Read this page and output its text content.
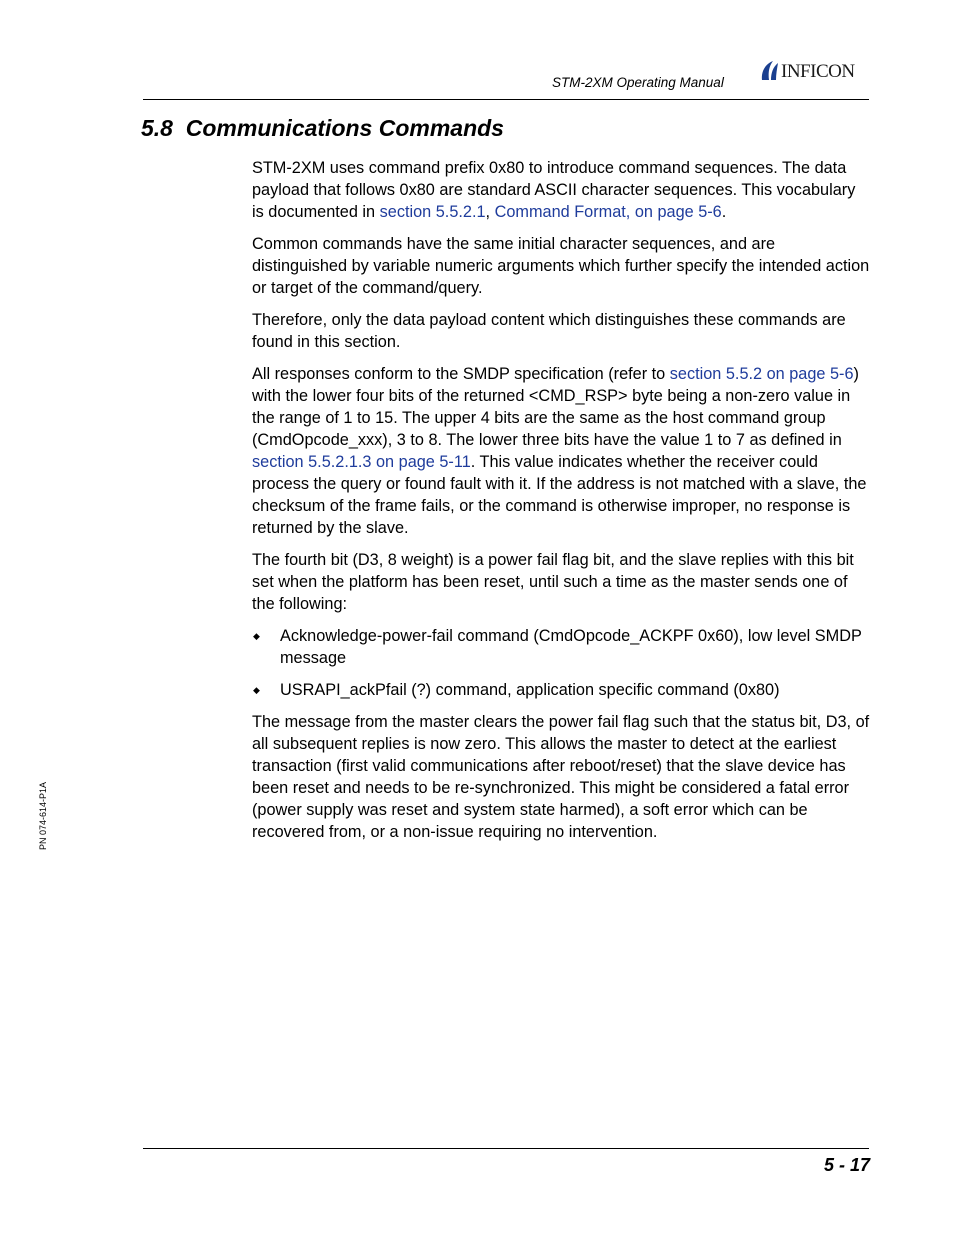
STM-2XM Operating Manual
INFICON
5.8 Communications Commands

STM-2XM uses command prefix 0x80 to introduce command sequences. The data payload that follows 0x80 are standard ASCII character sequences. This vocabulary is documented in section 5.5.2.1, Command Format, on page 5-6.

Common commands have the same initial character sequences, and are distinguished by variable numeric arguments which further specify the intended action or target of the command/query.

Therefore, only the data payload content which distinguishes these commands are found in this section.

All responses conform to the SMDP specification (refer to section 5.5.2 on page 5-6) with the lower four bits of the returned <CMD_RSP> byte being a non-zero value in the range of 1 to 15. The upper 4 bits are the same as the host command group (CmdOpcode_xxx), 3 to 8. The lower three bits have the value 1 to 7 as defined in section 5.5.2.1.3 on page 5-11. This value indicates whether the receiver could process the query or found fault with it. If the address is not matched with a slave, the checksum of the frame fails, or the command is otherwise improper, no response is returned by the slave.

The fourth bit (D3, 8 weight) is a power fail flag bit, and the slave replies with this bit set when the platform has been reset, until such a time as the master sends one of the following:

◆ Acknowledge-power-fail command (CmdOpcode_ACKPF 0x60), low level SMDP message
◆ USRAPI_ackPfail (?) command, application specific command (0x80)

The message from the master clears the power fail flag such that the status bit, D3, of all subsequent replies is now zero. This allows the master to detect at the earliest transaction (first valid communications after reboot/reset) that the slave device has been reset and needs to be re-synchronized. This might be considered a fatal error (power supply was reset and system state harmed), a soft error which can be recovered from, or a non-issue requiring no intervention.

PN 074-614-P1A
5 - 17
